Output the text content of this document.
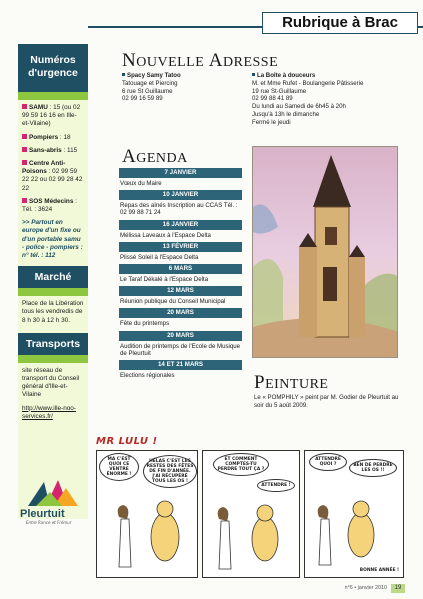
Rubrique à Brac
Numéros
d'urgence
SAMU : 15 (ou 02 99 59 16 16 en Ille-et-Vilaine)
Pompiers : 18
Sans-abris : 115
Centre Anti-Poisons : 02 99 59 22 22 ou 02 99 28 42 22
SOS Médecins : Tél. : 3624
>> Partout en europe d'un fixe ou d'un portable samu - police - pompiers : n° tél. : 112
Marché
Place de la Libération tous les vendredis de 8 h 30 à 12 h 30.
Transports
site réseau de transport du Conseil général d'Ille-et-Vilaine
http://www.ille-noo-services.fr/
Pleurtuit
Entre Rance et Frémur
NOUVELLE ADRESSE
Spacy Samy Tatoo
Tatouage et Piercing
6 rue St Guillaume
02 99 16 59 89
La Boîte à douceurs
M. et Mme Rufet - Boulangerie Pâtisserie
19 rue St-Guillaume
02 99 88 41 89
Du lundi au Samedi de 6h45 à 20h
Jusqu'à 13h le dimanche
Fermé le jeudi
AGENDA
7 JANVIER
Vœux du Maire
10 JANVIER
Repas des aînés Inscription au CCAS Tél. : 02 99 88 71 24
16 JANVIER
Mélissa Laveaux à l'Espace Delta
13 FÉVRIER
Plissé Soleil à l'Espace Delta
6 MARS
Le Taraf Dékalé à l'Espace Delta
12 MARS
Réunion publique du Conseil Municipal
20 MARS
Fête du printemps
20 MARS
Audition de printemps de l'Ecole de Musique de Pleurtuit
14 ET 21 MARS
Elections régionales	PEINTURE
Le « POMPHILY » peint par M. Godier de Pleurtuit au soir du 5 août 2009.
MR LULU !
MA C'EST QUOI CE VENTRE ÉNORME !
HÉLAS C'EST LES RESTES DES FÊTES DE FIN D'ANNÉE. J'AI RÉCUPÉRÉ TOUS LES OS !
ET COMMENT COMPTES-TU PERDRE TOUT ÇA ?
ATTENDRE !
ATTENDRE QUOI ?	BEN DE PERDRE LES OS !!
BONNE ANNÉE !
n°6 • janvier 2010 19
